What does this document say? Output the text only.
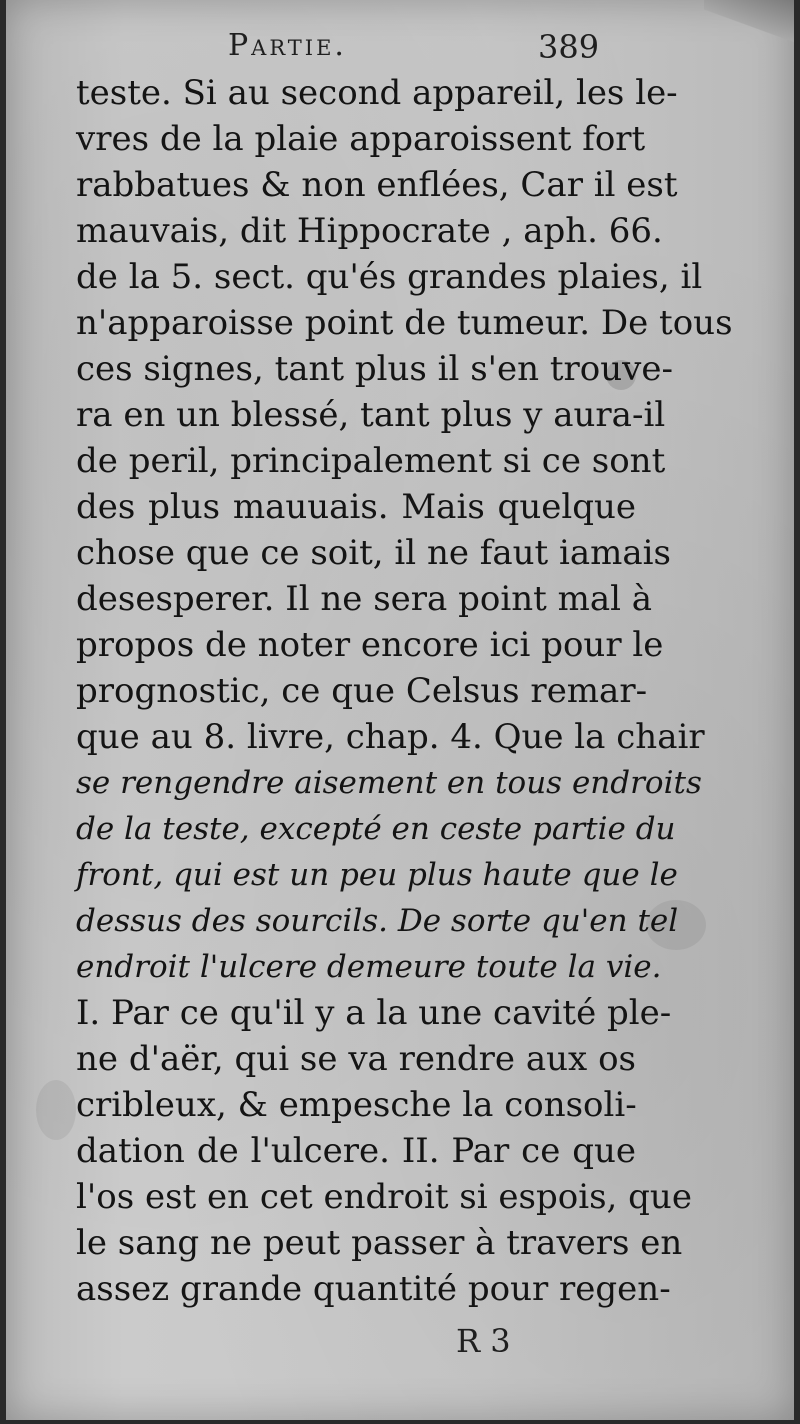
Partie.	389
teste. Si au second appareil, les le-
vres de la plaie apparoissent fort
rabbatues & non enflées, Car il est
mauvais, dit Hippocrate , aph. 66.
de la 5. sect. qu'és grandes plaies, il
n'apparoisse point de tumeur. De tous
ces signes, tant plus il s'en trouve-
ra en un blessé, tant plus y aura-il
de peril, principalement si ce sont
des plus mauuais. Mais quelque
chose que ce soit, il ne faut iamais
desesperer. Il ne sera point mal à
propos de noter encore ici pour le
prognostic, ce que Celsus remar-
que au 8. livre, chap. 4. Que la chair
se rengendre aisement en tous endroits
de la teste, excepté en ceste partie du
front, qui est un peu plus haute que le
dessus des sourcils. De sorte qu'en tel
endroit l'ulcere demeure toute la vie.
I. Par ce qu'il y a la une cavité ple-
ne d'aër, qui se va rendre aux os
cribleux, & empesche la consoli-
dation de l'ulcere. II. Par ce que
l'os est en cet endroit si espois, que
le sang ne peut passer à travers en
assez grande quantité pour regen-
R 3
